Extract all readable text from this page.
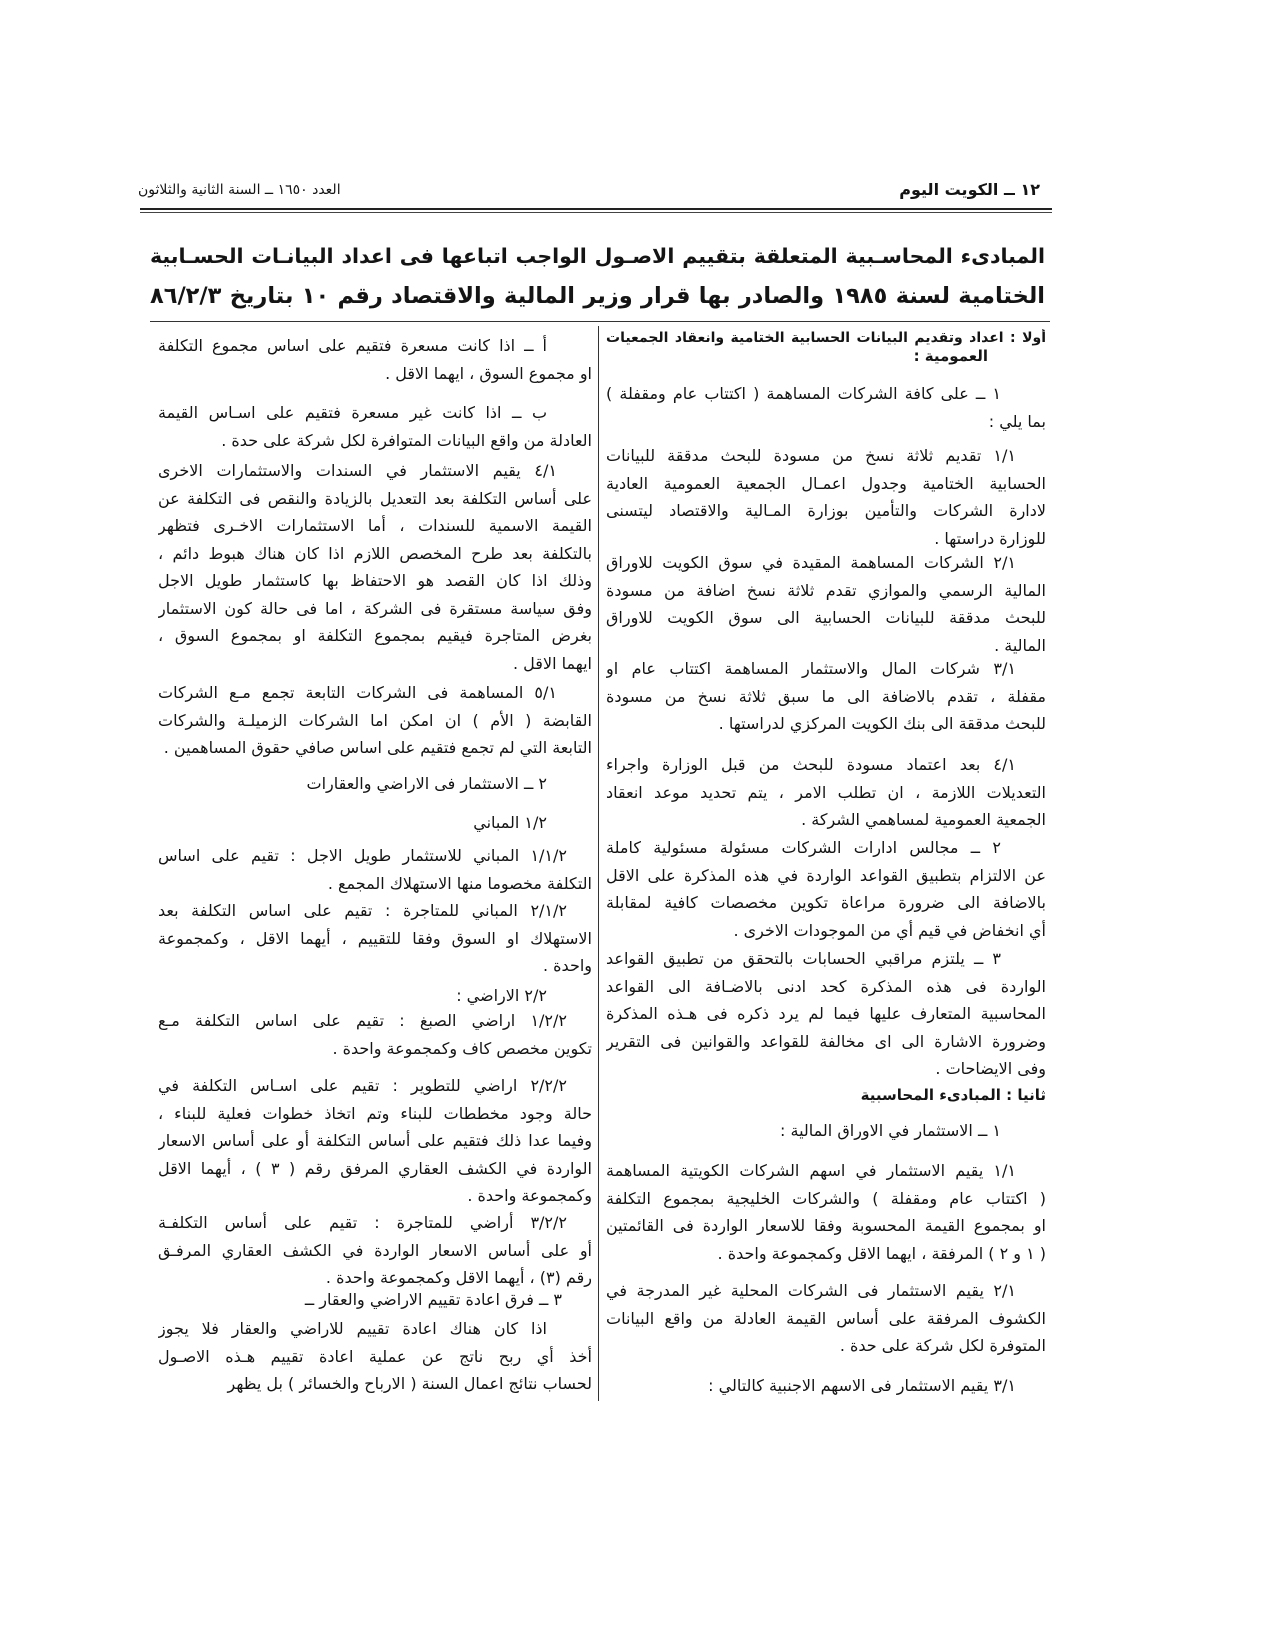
١٢ ــ الكويت اليوم
العدد ١٦٥٠ ــ السنة الثانية والثلاثون
المبادىء المحاسـبية المتعلقة بتقييم الاصـول الواجب اتباعها فى اعداد البيانـات الحسـابية
الختامية لسنة ١٩٨٥ والصادر بها قرار وزير المالية والاقتصاد رقم ١٠ بتاريخ ٨٦/٢/٣
أولا : اعداد وتقديم البيانات الحسابية الختامية وانعقاد الجمعيات
العمومية :
١ ــ على كافة الشركات المساهمة ( اكتتاب عام ومقفلة )
بما يلي :
١/١ تقديم ثلاثة نسخ من مسودة للبحث مدققة للبيانات
الحسابية الختامية وجدول اعمـال الجمعية العمومية العادية
لادارة الشركات والتأمين بوزارة المـالية والاقتصاد ليتسنى
للوزارة دراستها .
٢/١ الشركات المساهمة المقيدة في سوق الكويت للاوراق
المالية الرسمي والموازي تقدم ثلاثة نسخ اضافة من مسودة
للبحث مدققة للبيانات الحسابية الى سوق الكويت للاوراق
المالية .
٣/١ شركات المال والاستثمار المساهمة اكتتاب عام او
مقفلة ، تقدم بالاضافة الى ما سبق ثلاثة نسخ من مسودة
للبحث مدققة الى بنك الكويت المركزي لدراستها .
٤/١ بعد اعتماد مسودة للبحث من قبل الوزارة واجراء
التعديلات اللازمة ، ان تطلب الامر ، يتم تحديد موعد انعقاد
الجمعية العمومية لمساهمي الشركة .
٢ ــ مجالس ادارات الشركات مسئولة مسئولية كاملة
عن الالتزام بتطبيق القواعد الواردة في هذه المذكرة على الاقل
بالاضافة الى ضرورة مراعاة تكوين مخصصات كافية لمقابلة
أي انخفاض في قيم أي من الموجودات الاخرى .
٣ ــ يلتزم مراقبي الحسابات بالتحقق من تطبيق القواعد
الواردة فى هذه المذكرة كحد ادنى بالاضـافة الى القواعد
المحاسبية المتعارف عليها فيما لم يرد ذكره فى هـذه المذكرة
وضرورة الاشارة الى اى مخالفة للقواعد والقوانين فى التقرير
وفى الايضاحات .
ثانيا : المبادىء المحاسبية
١ ــ الاستثمار في الاوراق المالية :
١/١ يقيم الاستثمار في اسهم الشركات الكويتية المساهمة
( اكتتاب عام ومقفلة ) والشركات الخليجية بمجموع التكلفة
او بمجموع القيمة المحسوبة وفقا للاسعار الواردة فى القائمتين
( ١ و ٢ ) المرفقة ، ايهما الاقل وكمجموعة واحدة .
٢/١ يقيم الاستثمار فى الشركات المحلية غير المدرجة في
الكشوف المرفقة على أساس القيمة العادلة من واقع البيانات
المتوفرة لكل شركة على حدة .
٣/١ يقيم الاستثمار فى الاسهم الاجنبية كالتالي :
أ ــ اذا كانت مسعرة فتقيم على اساس مجموع التكلفة
او مجموع السوق ، ايهما الاقل .
ب ــ اذا كانت غير مسعرة فتقيم على اسـاس القيمة
العادلة من واقع البيانات المتوافرة لكل شركة على حدة .
٤/١ يقيم الاستثمار في السندات والاستثمارات الاخرى
على أساس التكلفة بعد التعديل بالزيادة والنقص فى التكلفة عن
القيمة الاسمية للسندات ، أما الاستثمارات الاخـرى فتظهر
بالتكلفة بعد طرح المخصص اللازم اذا كان هناك هبوط دائم ،
وذلك اذا كان القصد هو الاحتفاظ بها كاستثمار طويل الاجل
وفق سياسة مستقرة فى الشركة ، اما فى حالة كون الاستثمار
بغرض المتاجرة فيقيم بمجموع التكلفة او بمجموع السوق ،
ايهما الاقل .
٥/١ المساهمة فى الشركات التابعة تجمع مـع الشركات
القابضة ( الأم ) ان امكن اما الشركات الزميلـة والشركات
التابعة التي لم تجمع فتقيم على اساس صافي حقوق المساهمين .
٢ ــ الاستثمار فى الاراضي والعقارات
١/٢ المباني
١/١/٢ المباني للاستثمار طويل الاجل : تقيم على اساس
التكلفة مخصوما منها الاستهلاك المجمع .
٢/١/٢ المباني للمتاجرة : تقيم على اساس التكلفة بعد
الاستهلاك او السوق وفقا للتقييم ، أيهما الاقل ، وكمجموعة
واحدة .
٢/٢ الاراضي :
١/٢/٢ اراضي الصبغ : تقيم على اساس التكلفة مـع
تكوين مخصص كاف وكمجموعة واحدة .
٢/٢/٢ اراضي للتطوير : تقيم على اسـاس التكلفة في
حالة وجود مخططات للبناء وتم اتخاذ خطوات فعلية للبناء ،
وفيما عدا ذلك فتقيم على أساس التكلفة أو على أساس الاسعار
الواردة في الكشف العقاري المرفق رقم ( ٣ ) ، أيهما الاقل
وكمجموعة واحدة .
٣/٢/٢ أراضي للمتاجرة : تقيم على أساس التكلفـة
أو على أساس الاسعار الواردة في الكشف العقاري المرفـق
رقم (٣) ، أيهما الاقل وكمجموعة واحدة .
٣ ــ فرق اعادة تقييم الاراضي والعقار ــ
اذا كان هناك اعادة تقييم للاراضي والعقار فلا يجوز
أخذ أي ربح ناتج عن عملية اعادة تقييم هـذه الاصـول
لحساب نتائج اعمال السنة ( الارباح والخسائر ) بل يظهر
